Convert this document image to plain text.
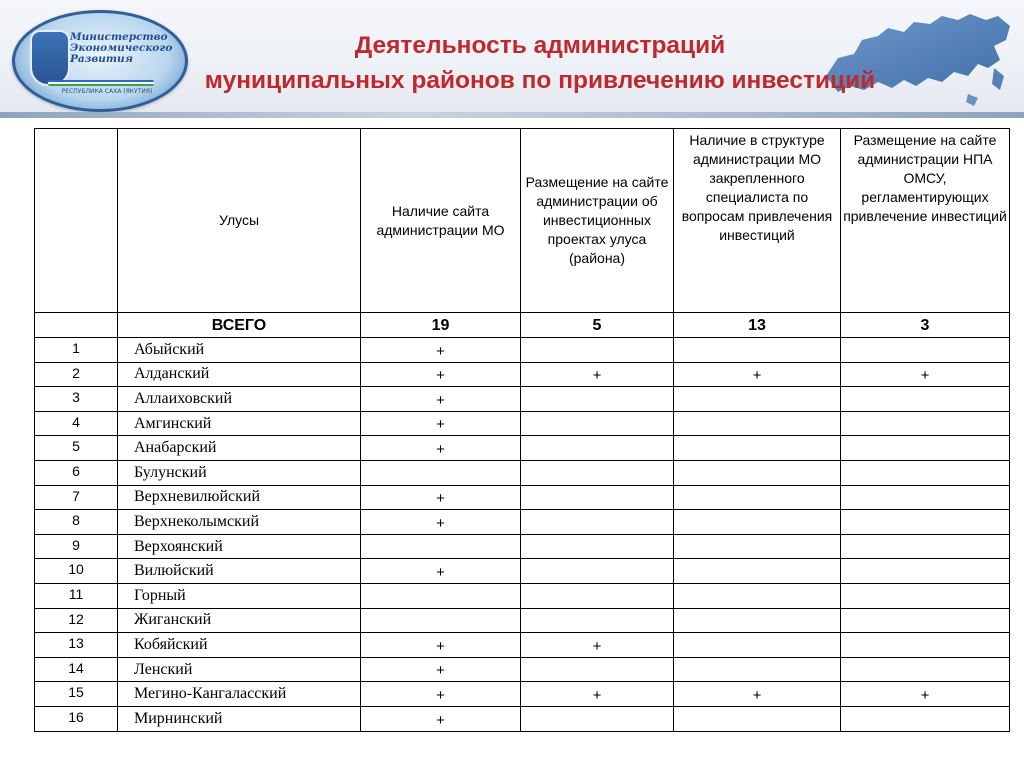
Министерство
Экономического
Развития
РЕСПУБЛИКА САХА (ЯКУТИЯ)
Деятельность администраций
муниципальных районов по привлечению инвестиций
	Улусы	Наличие сайта администрации МО	Размещение на сайте администрации об инвестиционных проектах улуса (района)	Наличие в структуре администрации МО закрепленного специалиста по вопросам привлечения инвестиций	Размещение на сайте администрации НПА ОМСУ, регламентирующих привлечение инвестиций
	ВСЕГО	19	5	13	3
1	Абыйский	+			
2	Алданский	+	+	+	+
3	Аллаиховский	+			
4	Амгинский	+			
5	Анабарский	+			
6	Булунский				
7	Верхневилюйский	+			
8	Верхнеколымский	+			
9	Верхоянский				
10	Вилюйский	+			
11	Горный				
12	Жиганский				
13	Кобяйский	+	+		
14	Ленский	+			
15	Мегино-Кангаласский	+	+	+	+
16	Мирнинский	+			
